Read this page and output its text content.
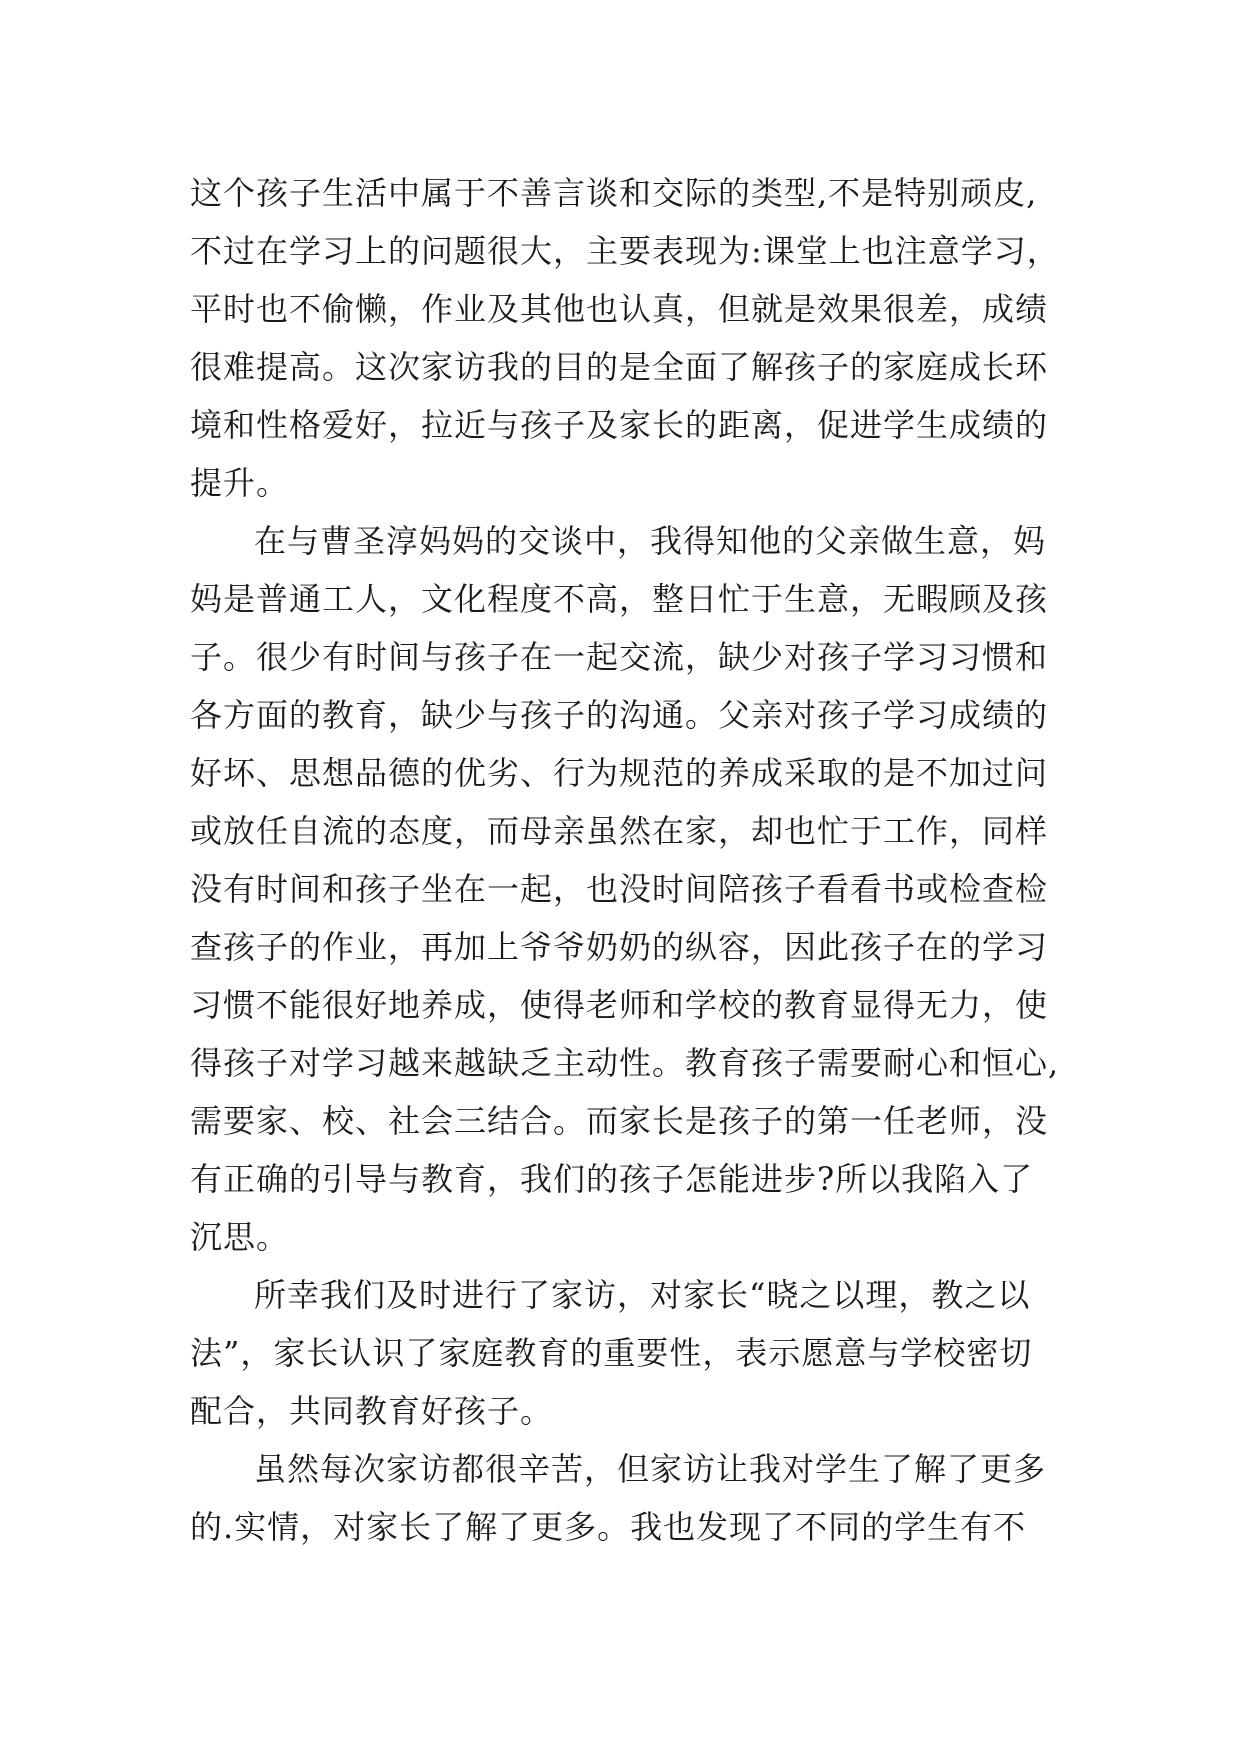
这个孩子生活中属于不善言谈和交际的类型,不是特别顽皮,
不过在学习上的问题很大，主要表现为:课堂上也注意学习，
平时也不偷懒，作业及其他也认真，但就是效果很差，成绩
很难提高。这次家访我的目的是全面了解孩子的家庭成长环
境和性格爱好，拉近与孩子及家长的距离，促进学生成绩的
提升。
在与曹圣淳妈妈的交谈中，我得知他的父亲做生意，妈
妈是普通工人，文化程度不高，整日忙于生意，无暇顾及孩
子。很少有时间与孩子在一起交流，缺少对孩子学习习惯和
各方面的教育，缺少与孩子的沟通。父亲对孩子学习成绩的
好坏、思想品德的优劣、行为规范的养成采取的是不加过问
或放任自流的态度，而母亲虽然在家，却也忙于工作，同样
没有时间和孩子坐在一起，也没时间陪孩子看看书或检查检
查孩子的作业，再加上爷爷奶奶的纵容，因此孩子在的学习
习惯不能很好地养成，使得老师和学校的教育显得无力，使
得孩子对学习越来越缺乏主动性。教育孩子需要耐心和恒心,
需要家、校、社会三结合。而家长是孩子的第一任老师，没
有正确的引导与教育，我们的孩子怎能进步?所以我陷入了
沉思。
所幸我们及时进行了家访，对家长“晓之以理，教之以
法”，家长认识了家庭教育的重要性，表示愿意与学校密切
配合，共同教育好孩子。
虽然每次家访都很辛苦，但家访让我对学生了解了更多
的.实情，对家长了解了更多。我也发现了不同的学生有不
